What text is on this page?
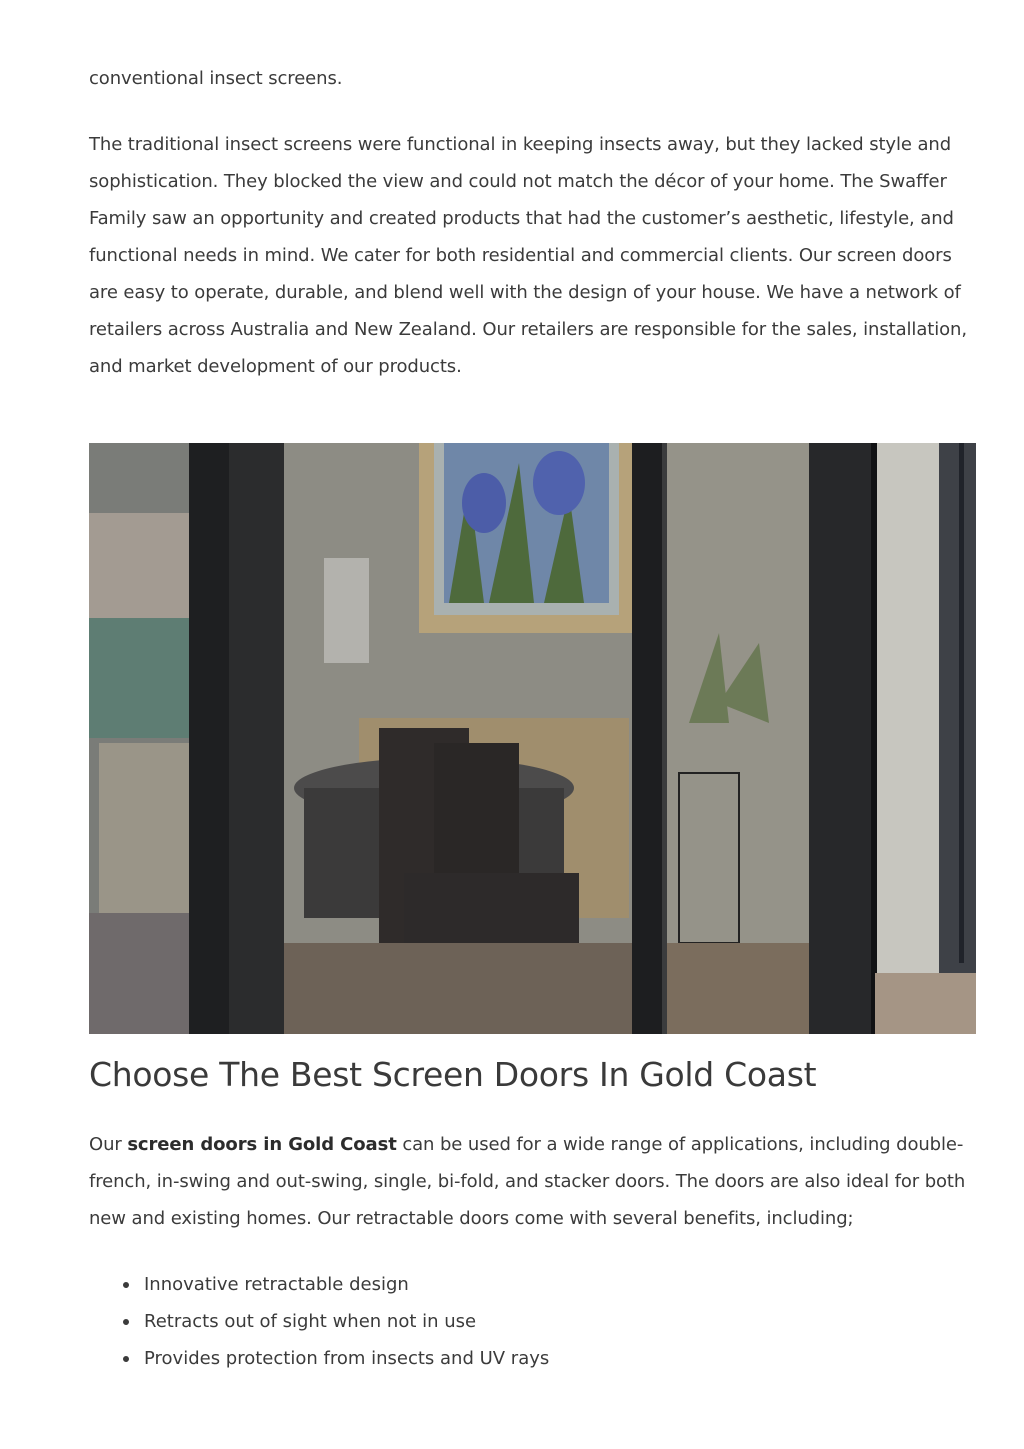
conventional insect screens.

The traditional insect screens were functional in keeping insects away, but they lacked style and sophistication. They blocked the view and could not match the décor of your home. The Swaffer Family saw an opportunity and created products that had the customer’s aesthetic, lifestyle, and functional needs in mind. We cater for both residential and commercial clients. Our screen doors are easy to operate, durable, and blend well with the design of your house. We have a network of retailers across Australia and New Zealand. Our retailers are responsible for the sales, installation, and market development of our products.

Choose The Best Screen Doors In Gold Coast

Our screen doors in Gold Coast can be used for a wide range of applications, including double-french, in-swing and out-swing, single, bi-fold, and stacker doors. The doors are also ideal for both new and existing homes. Our retractable doors come with several benefits, including;

Innovative retractable design
Retracts out of sight when not in use
Provides protection from insects and UV rays
